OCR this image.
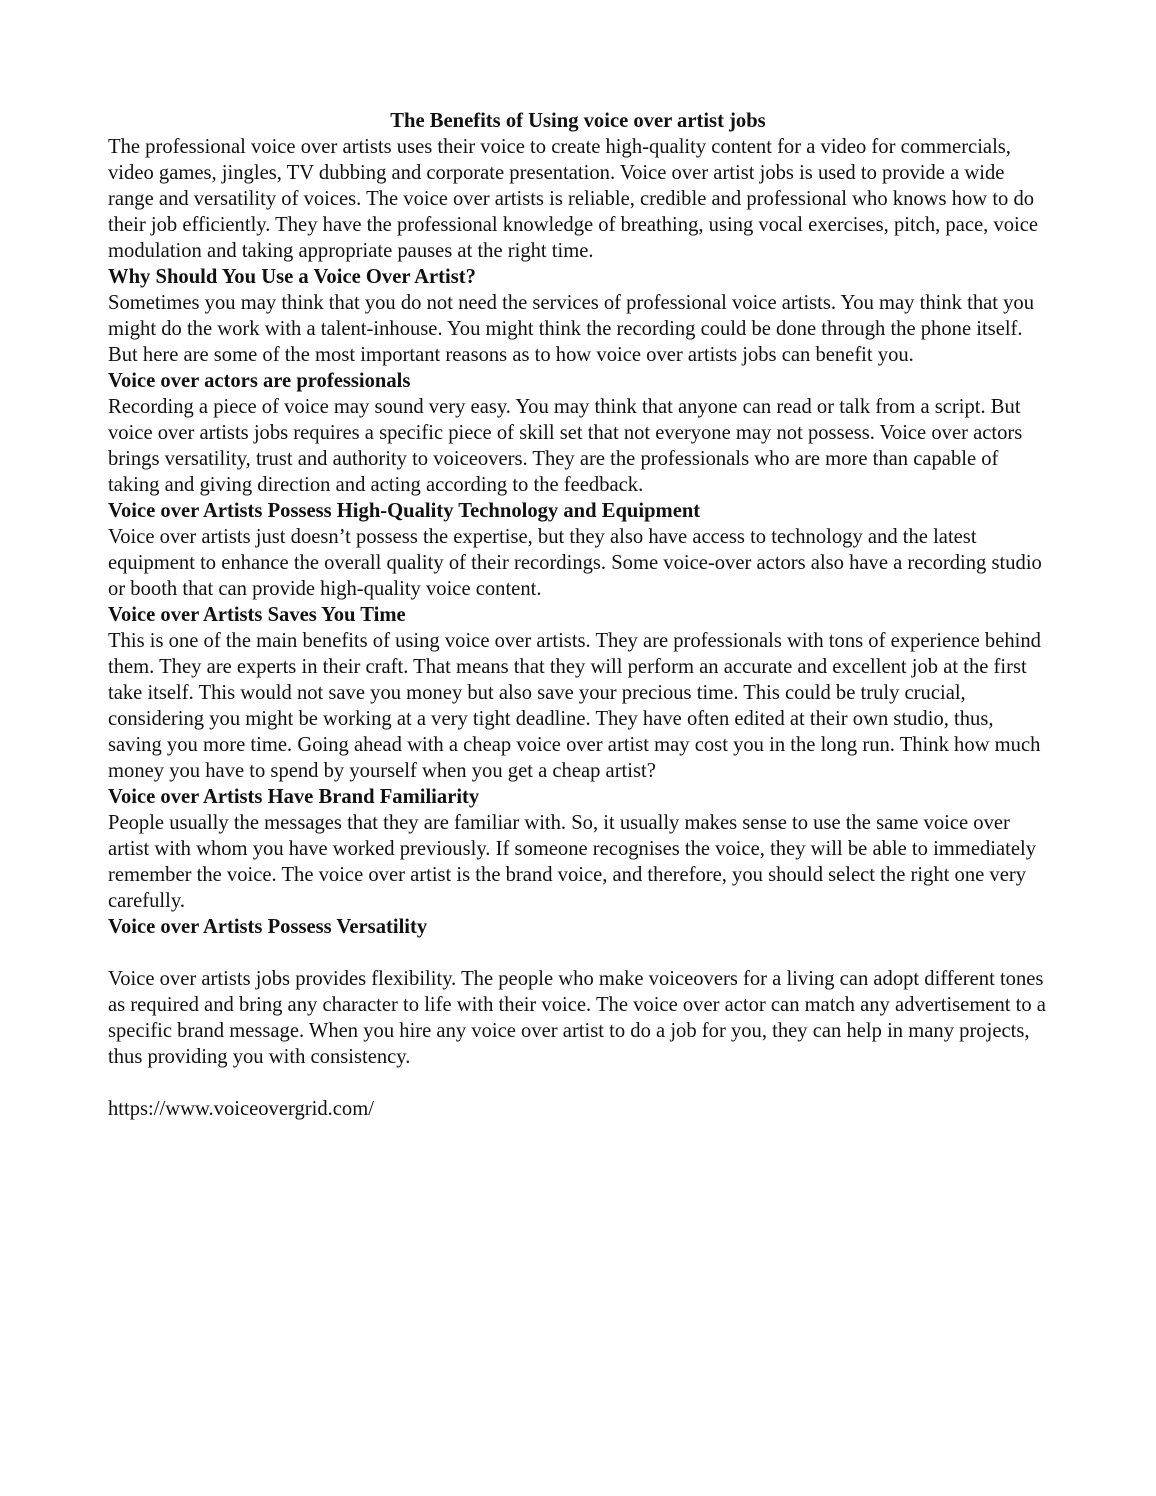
The Benefits of Using voice over artist jobs

The professional voice over artists uses their voice to create high-quality content for a video for commercials, video games, jingles, TV dubbing and corporate presentation. Voice over artist jobs is used to provide a wide range and versatility of voices. The voice over artists is reliable, credible and professional who knows how to do their job efficiently. They have the professional knowledge of breathing, using vocal exercises, pitch, pace, voice modulation and taking appropriate pauses at the right time.

Why Should You Use a Voice Over Artist?

Sometimes you may think that you do not need the services of professional voice artists. You may think that you might do the work with a talent-inhouse. You might think the recording could be done through the phone itself. But here are some of the most important reasons as to how voice over artists jobs can benefit you.

Voice over actors are professionals

Recording a piece of voice may sound very easy. You may think that anyone can read or talk from a script. But voice over artists jobs requires a specific piece of skill set that not everyone may not possess. Voice over actors brings versatility, trust and authority to voiceovers. They are the professionals who are more than capable of taking and giving direction and acting according to the feedback.

Voice over Artists Possess High-Quality Technology and Equipment

Voice over artists just doesn’t possess the expertise, but they also have access to technology and the latest equipment to enhance the overall quality of their recordings. Some voice-over actors also have a recording studio or booth that can provide high-quality voice content.

Voice over Artists Saves You Time

This is one of the main benefits of using voice over artists. They are professionals with tons of experience behind them. They are experts in their craft. That means that they will perform an accurate and excellent job at the first take itself. This would not save you money but also save your precious time. This could be truly crucial, considering you might be working at a very tight deadline. They have often edited at their own studio, thus, saving you more time. Going ahead with a cheap voice over artist may cost you in the long run. Think how much money you have to spend by yourself when you get a cheap artist?

Voice over Artists Have Brand Familiarity

People usually the messages that they are familiar with. So, it usually makes sense to use the same voice over artist with whom you have worked previously. If someone recognises the voice, they will be able to immediately remember the voice. The voice over artist is the brand voice, and therefore, you should select the right one very carefully.

Voice over Artists Possess Versatility

Voice over artists jobs provides flexibility. The people who make voiceovers for a living can adopt different tones as required and bring any character to life with their voice. The voice over actor can match any advertisement to a specific brand message. When you hire any voice over artist to do a job for you, they can help in many projects, thus providing you with consistency.

https://www.voiceovergrid.com/
